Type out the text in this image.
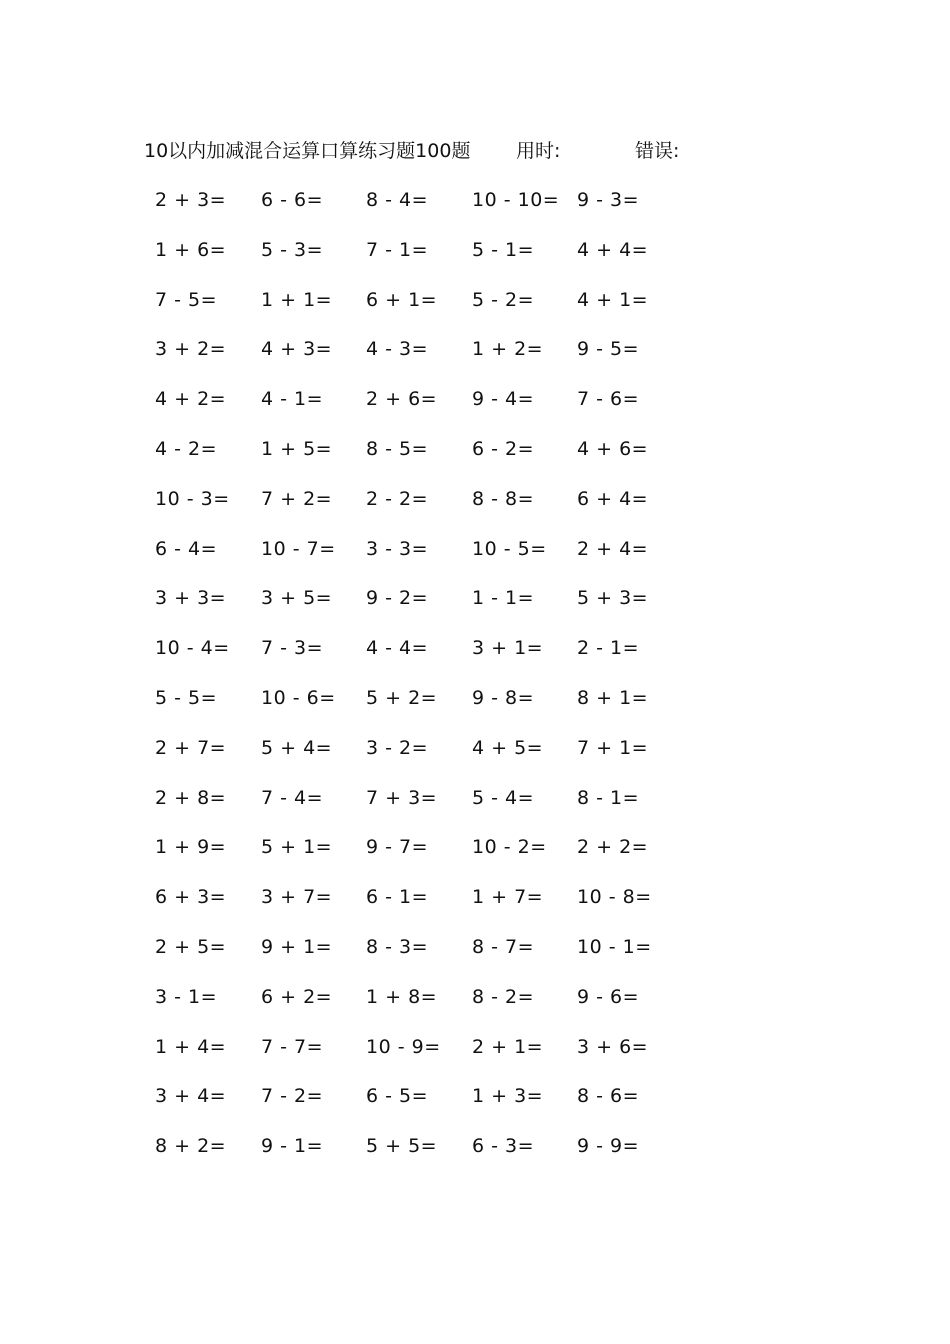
10以内加减混合运算口算练习题100题 用时:	错误:
2 + 3= 6 - 6= 8 - 4= 10 - 10= 9 - 3=
1 + 6= 5 - 3= 7 - 1= 5 - 1= 4 + 4=
7 - 5= 1 + 1= 6 + 1= 5 - 2= 4 + 1=
3 + 2= 4 + 3= 4 - 3= 1 + 2= 9 - 5=
4 + 2= 4 - 1= 2 + 6= 9 - 4= 7 - 6=
4 - 2= 1 + 5= 8 - 5= 6 - 2= 4 + 6=
10 - 3= 7 + 2= 2 - 2= 8 - 8= 6 + 4=
6 - 4= 10 - 7= 3 - 3= 10 - 5= 2 + 4=
3 + 3= 3 + 5= 9 - 2= 1 - 1= 5 + 3=
10 - 4= 7 - 3= 4 - 4= 3 + 1= 2 - 1=
5 - 5= 10 - 6= 5 + 2= 9 - 8= 8 + 1=
2 + 7= 5 + 4= 3 - 2= 4 + 5= 7 + 1=
2 + 8= 7 - 4= 7 + 3= 5 - 4= 8 - 1=
1 + 9= 5 + 1= 9 - 7= 10 - 2= 2 + 2=
6 + 3= 3 + 7= 6 - 1= 1 + 7= 10 - 8=
2 + 5= 9 + 1= 8 - 3= 8 - 7= 10 - 1=
3 - 1= 6 + 2= 1 + 8= 8 - 2= 9 - 6=
1 + 4= 7 - 7= 10 - 9= 2 + 1= 3 + 6=
3 + 4= 7 - 2= 6 - 5= 1 + 3= 8 - 6=
8 + 2= 9 - 1= 5 + 5= 6 - 3= 9 - 9=
